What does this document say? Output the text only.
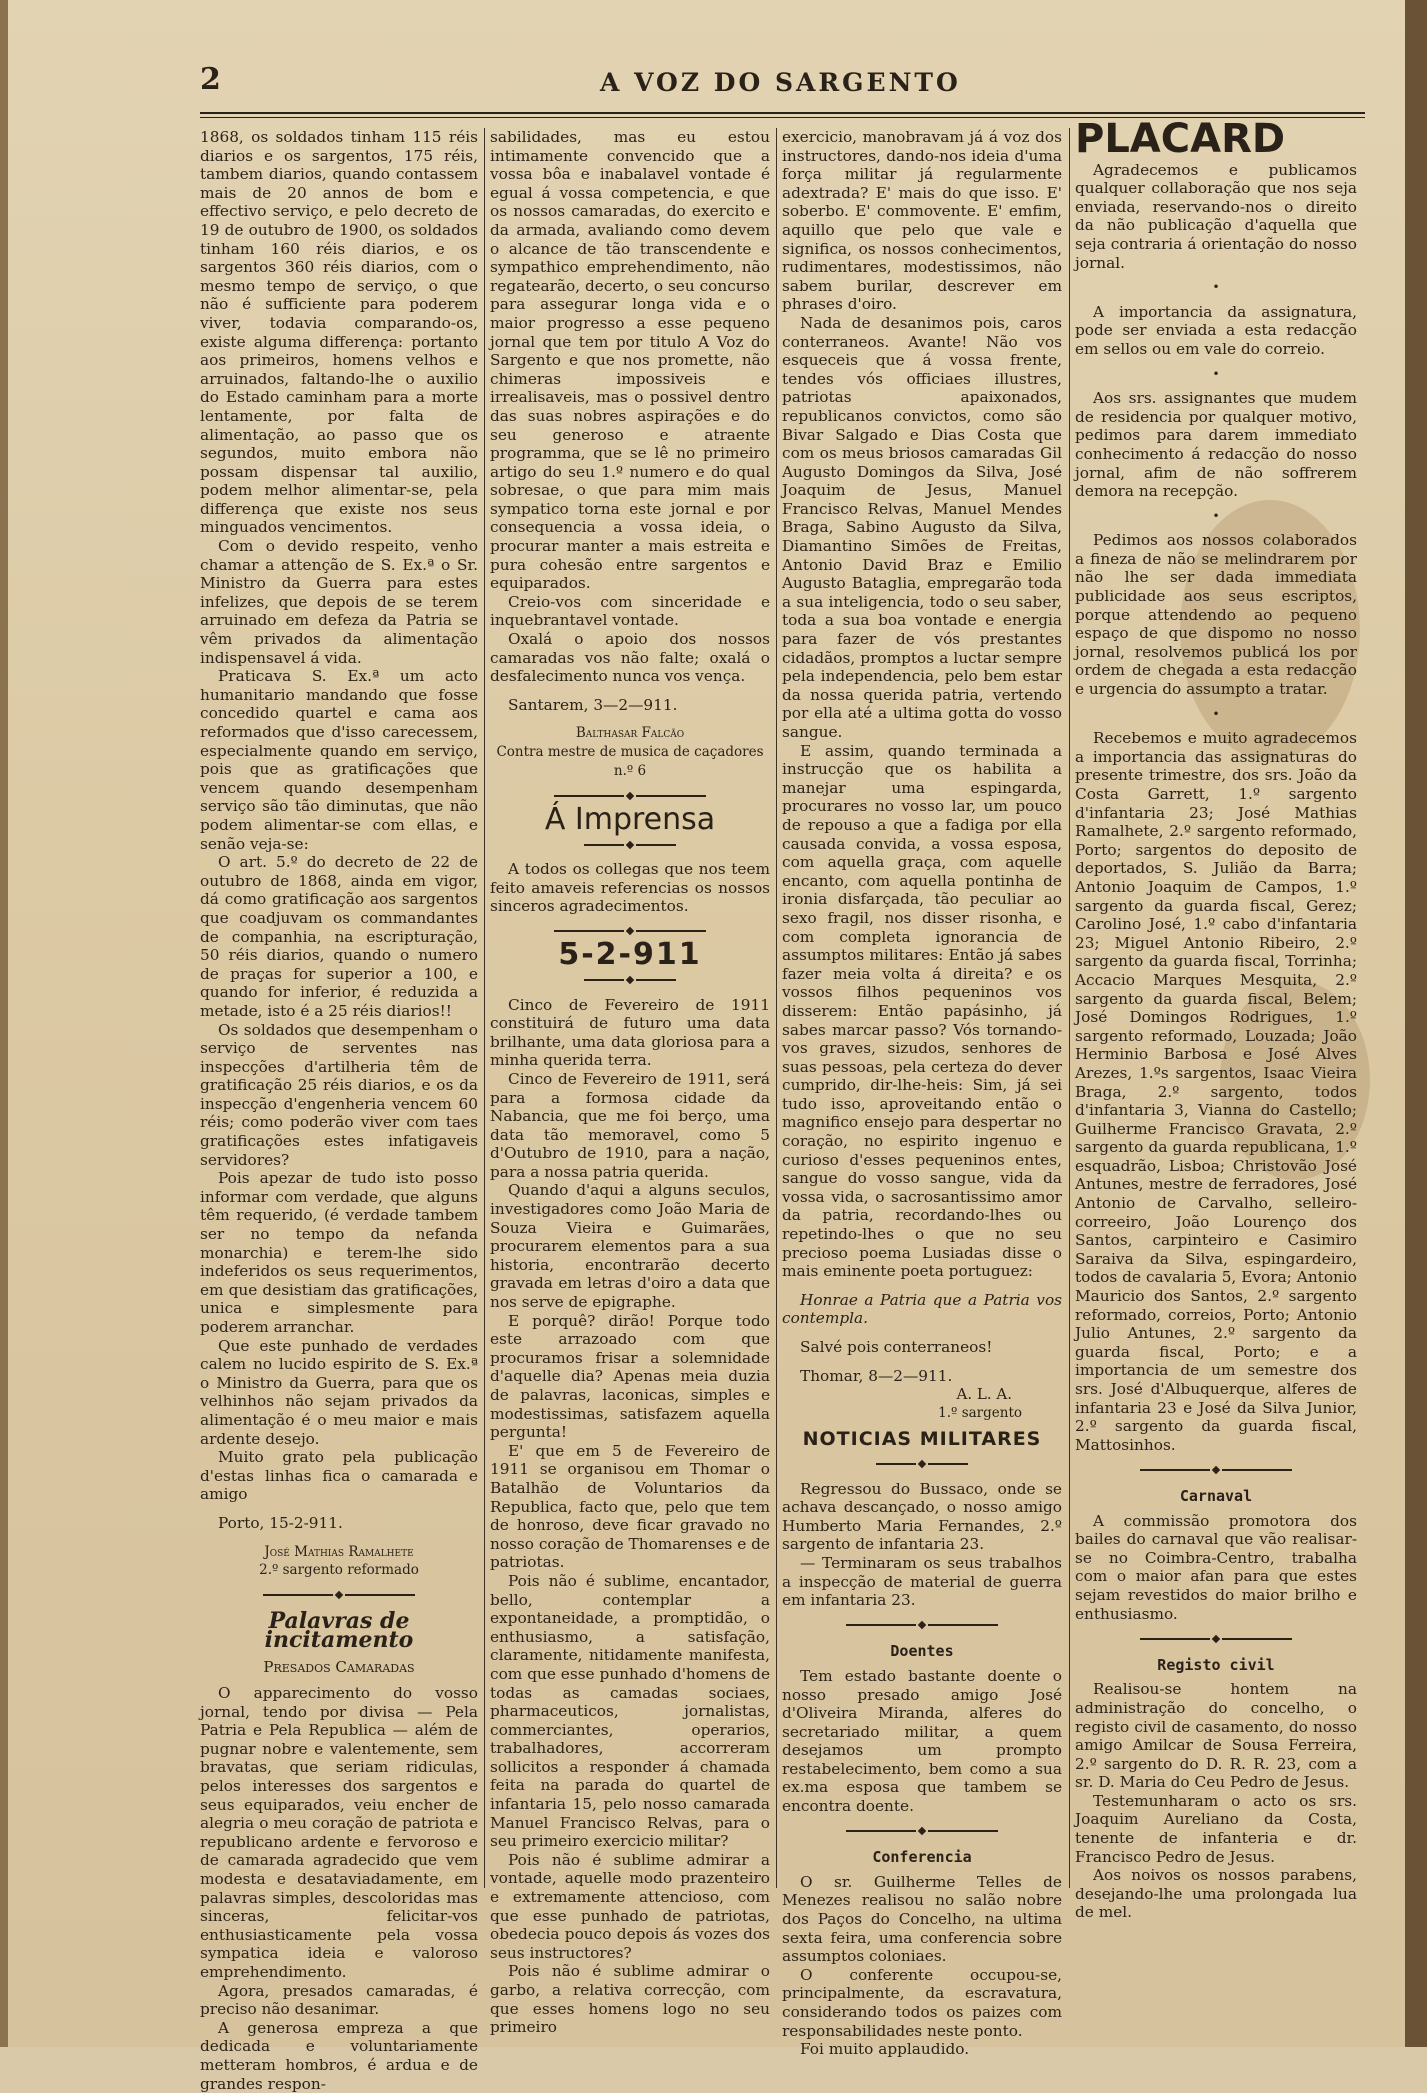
2	A VOZ DO SARGENTO

1868, os soldados tinham 115 réis diarios e os sargentos, 175 réis, tambem diarios, quando contassem mais de 20 annos de bom e effectivo serviço, e pelo decreto de 19 de outubro de 1900, os soldados tinham 160 réis diarios, e os sargentos 360 réis diarios, com o mesmo tempo de serviço, o que não é sufficiente para poderem viver, todavia comparando-os, existe alguma differença: portanto aos primeiros, homens velhos e arruinados, faltando-lhe o auxilio do Estado caminham para a morte lentamente, por falta de alimentação, ao passo que os segundos, muito embora não possam dispensar tal auxilio, podem melhor alimentar-se, pela differença que existe nos seus minguados vencimentos.

Com o devido respeito, venho chamar a attenção de S. Ex.ª o Sr. Ministro da Guerra para estes infelizes, que depois de se terem arruinado em defeza da Patria se vêm privados da alimentação indispensavel á vida.

Praticava S. Ex.ª um acto humanitario mandando que fosse concedido quartel e cama aos reformados que d'isso carecessem, especialmente quando em serviço, pois que as gratificações que vencem quando desempenham serviço são tão diminutas, que não podem alimentar-se com ellas, e senão veja-se:

O art. 5.º do decreto de 22 de outubro de 1868, ainda em vigor, dá como gratificação aos sargentos que coadjuvam os commandantes de companhia, na escripturação, 50 réis diarios, quando o numero de praças for superior a 100, e quando for inferior, é reduzida a metade, isto é a 25 réis diarios!!

Os soldados que desempenham o serviço de serventes nas inspecções d'artilheria têm de gratificação 25 réis diarios, e os da inspecção d'engenheria vencem 60 réis; como poderão viver com taes gratificações estes infatigaveis servidores?

Pois apezar de tudo isto posso informar com verdade, que alguns têm requerido, (é verdade tambem ser no tempo da nefanda monarchia) e terem-lhe sido indeferidos os seus requerimentos, em que desistiam das gratificações, unica e simplesmente para poderem arranchar.

Que este punhado de verdades calem no lucido espirito de S. Ex.ª o Ministro da Guerra, para que os velhinhos não sejam privados da alimentação é o meu maior e mais ardente desejo.

Muito grato pela publicação d'estas linhas fica o camarada e amigo

Porto, 15-2-911.

José Mathias Ramalhete

2.º sargento reformado

Palavras de incitamento

Presados Camaradas

O apparecimento do vosso jornal, tendo por divisa — Pela Patria e Pela Republica — além de pugnar nobre e valentemente, sem bravatas, que seriam ridiculas, pelos interesses dos sargentos e seus equiparados, veiu encher de alegria o meu coração de patriota e republicano ardente e fervoroso e de camarada agradecido que vem modesta e desataviadamente, em palavras simples, descoloridas mas sinceras, felicitar-vos enthusiasticamente pela vossa sympatica ideia e valoroso emprehendimento.

Agora, presados camaradas, é preciso não desanimar.

A generosa empreza a que dedicada e voluntariamente metteram hombros, é ardua e de grandes respon-

sabilidades, mas eu estou intimamente convencido que a vossa bôa e inabalavel vontade é egual á vossa competencia, e que os nossos camaradas, do exercito e da armada, avaliando como devem o alcance de tão transcendente e sympathico emprehendimento, não regatearão, decerto, o seu concurso para assegurar longa vida e o maior progresso a esse pequeno jornal que tem por titulo A Voz do Sargento e que nos promette, não chimeras impossiveis e irrealisaveis, mas o possivel dentro das suas nobres aspirações e do seu generoso e atraente programma, que se lê no primeiro artigo do seu 1.º numero e do qual sobresae, o que para mim mais sympatico torna este jornal e por consequencia a vossa ideia, o procurar manter a mais estreita e pura cohesão entre sargentos e equiparados.

Creio-vos com sinceridade e inquebrantavel vontade.

Oxalá o apoio dos nossos camaradas vos não falte; oxalá o desfalecimento nunca vos vença.

Santarem, 3—2—911.

Balthasar Falcão

Contra mestre de musica de caçadores n.º 6

Á Imprensa

A todos os collegas que nos teem feito amaveis referencias os nossos sinceros agradecimentos.

5-2-911

Cinco de Fevereiro de 1911 constituirá de futuro uma data brilhante, uma data gloriosa para a minha querida terra.

Cinco de Fevereiro de 1911, será para a formosa cidade da Nabancia, que me foi berço, uma data tão memoravel, como 5 d'Outubro de 1910, para a nação, para a nossa patria querida.

Quando d'aqui a alguns seculos, investigadores como João Maria de Souza Vieira e Guimarães, procurarem elementos para a sua historia, encontrarão decerto gravada em letras d'oiro a data que nos serve de epigraphe.

E porquê? dirão! Porque todo este arrazoado com que procuramos frisar a solemnidade d'aquelle dia? Apenas meia duzia de palavras, laconicas, simples e modestissimas, satisfazem aquella pergunta!

E' que em 5 de Fevereiro de 1911 se organisou em Thomar o Batalhão de Voluntarios da Republica, facto que, pelo que tem de honroso, deve ficar gravado no nosso coração de Thomarenses e de patriotas.

Pois não é sublime, encantador, bello, contemplar a expontaneidade, a promptidão, o enthusiasmo, a satisfação, claramente, nitidamente manifesta, com que esse punhado d'homens de todas as camadas sociaes, pharmaceuticos, jornalistas, commerciantes, operarios, trabalhadores, accorreram sollicitos a responder á chamada feita na parada do quartel de infantaria 15, pelo nosso camarada Manuel Francisco Relvas, para o seu primeiro exercicio militar?

Pois não é sublime admirar a vontade, aquelle modo prazenteiro e extremamente attencioso, com que esse punhado de patriotas, obedecia pouco depois ás vozes dos seus instructores?

Pois não é sublime admirar o garbo, a relativa correcção, com que esses homens logo no seu primeiro

exercicio, manobravam já á voz dos instructores, dando-nos ideia d'uma força militar já regularmente adextrada? E' mais do que isso. E' soberbo. E' commovente. E' emfim, aquillo que pelo que vale e significa, os nossos conhecimentos, rudimentares, modestissimos, não sabem burilar, descrever em phrases d'oiro.

Nada de desanimos pois, caros conterraneos. Avante! Não vos esqueceis que á vossa frente, tendes vós officiaes illustres, patriotas apaixonados, republicanos convictos, como são Bivar Salgado e Dias Costa que com os meus briosos camaradas Gil Augusto Domingos da Silva, José Joaquim de Jesus, Manuel Francisco Relvas, Manuel Mendes Braga, Sabino Augusto da Silva, Diamantino Simões de Freitas, Antonio David Braz e Emilio Augusto Bataglia, empregarão toda a sua inteligencia, todo o seu saber, toda a sua boa vontade e energia para fazer de vós prestantes cidadãos, promptos a luctar sempre pela independencia, pelo bem estar da nossa querida patria, vertendo por ella até a ultima gotta do vosso sangue.

E assim, quando terminada a instrucção que os habilita a manejar uma espingarda, procurares no vosso lar, um pouco de repouso a que a fadiga por ella causada convida, a vossa esposa, com aquella graça, com aquelle encanto, com aquella pontinha de ironia disfarçada, tão peculiar ao sexo fragil, nos disser risonha, e com completa ignorancia de assumptos militares: Então já sabes fazer meia volta á direita? e os vossos filhos pequeninos vos disserem: Então papásinho, já sabes marcar passo? Vós tornando-vos graves, sizudos, senhores de suas pessoas, pela certeza do dever cumprido, dir-lhe-heis: Sim, já sei tudo isso, aproveitando então o magnifico ensejo para despertar no coração, no espirito ingenuo e curioso d'esses pequeninos entes, sangue do vosso sangue, vida da vossa vida, o sacrosantissimo amor da patria, recordando-lhes ou repetindo-lhes o que no seu precioso poema Lusiadas disse o mais eminente poeta portuguez:

Honrae a Patria que a Patria vos contempla.

Salvé pois conterraneos!

Thomar, 8—2—911.

A. L. A.

1.º sargento

NOTICIAS MILITARES

Regressou do Bussaco, onde se achava descançado, o nosso amigo Humberto Maria Fernandes, 2.º sargento de infantaria 23.

— Terminaram os seus trabalhos a inspecção de material de guerra em infantaria 23.

Doentes

Tem estado bastante doente o nosso presado amigo José d'Oliveira Miranda, alferes do secretariado militar, a quem desejamos um prompto restabelecimento, bem como a sua ex.ma esposa que tambem se encontra doente.

Conferencia

O sr. Guilherme Telles de Menezes realisou no salão nobre dos Paços do Concelho, na ultima sexta feira, uma conferencia sobre assumptos coloniaes.

O conferente occupou-se, principalmente, da escravatura, considerando todos os paizes com responsabilidades neste ponto.

Foi muito applaudido.

PLACARD

Agradecemos e publicamos qualquer collaboração que nos seja enviada, reservando-nos o direito da não publicação d'aquella que seja contraria á orientação do nosso jornal.

•

A importancia da assignatura, pode ser enviada a esta redacção em sellos ou em vale do correio.

•

Aos srs. assignantes que mudem de residencia por qualquer motivo, pedimos para darem immediato conhecimento á redacção do nosso jornal, afim de não soffrerem demora na recepção.

•

Pedimos aos nossos colaborados a fineza de não se melindrarem por não lhe ser dada immediata publicidade aos seus escriptos, porque attendendo ao pequeno espaço de que dispomo no nosso jornal, resolvemos publicá los por ordem de chegada a esta redacção e urgencia do assumpto a tratar.

•

Recebemos e muito agradecemos a importancia das assignaturas do presente trimestre, dos srs. João da Costa Garrett, 1.º sargento d'infantaria 23; José Mathias Ramalhete, 2.º sargento reformado, Porto; sargentos do deposito de deportados, S. Julião da Barra; Antonio Joaquim de Campos, 1.º sargento da guarda fiscal, Gerez; Carolino José, 1.º cabo d'infantaria 23; Miguel Antonio Ribeiro, 2.º sargento da guarda fiscal, Torrinha; Accacio Marques Mesquita, 2.º sargento da guarda fiscal, Belem; José Domingos Rodrigues, 1.º sargento reformado, Louzada; João Herminio Barbosa e José Alves Arezes, 1.ºs sargentos, Isaac Vieira Braga, 2.º sargento, todos d'infantaria 3, Vianna do Castello; Guilherme Francisco Gravata, 2.º sargento da guarda republicana, 1.º esquadrão, Lisboa; Christovão José Antunes, mestre de ferradores, José Antonio de Carvalho, selleiro-correeiro, João Lourenço dos Santos, carpinteiro e Casimiro Saraiva da Silva, espingardeiro, todos de cavalaria 5, Evora; Antonio Mauricio dos Santos, 2.º sargento reformado, correios, Porto; Antonio Julio Antunes, 2.º sargento da guarda fiscal, Porto; e a importancia de um semestre dos srs. José d'Albuquerque, alferes de infantaria 23 e José da Silva Junior, 2.º sargento da guarda fiscal, Mattosinhos.

Carnaval

A commissão promotora dos bailes do carnaval que vão realisar-se no Coimbra-Centro, trabalha com o maior afan para que estes sejam revestidos do maior brilho e enthusiasmo.

Registo civil

Realisou-se hontem na administração do concelho, o registo civil de casamento, do nosso amigo Amilcar de Sousa Ferreira, 2.º sargento do D. R. R. 23, com a sr. D. Maria do Ceu Pedro de Jesus.

Testemunharam o acto os srs. Joaquim Aureliano da Costa, tenente de infanteria e dr. Francisco Pedro de Jesus.

Aos noivos os nossos parabens, desejando-lhe uma prolongada lua de mel.
